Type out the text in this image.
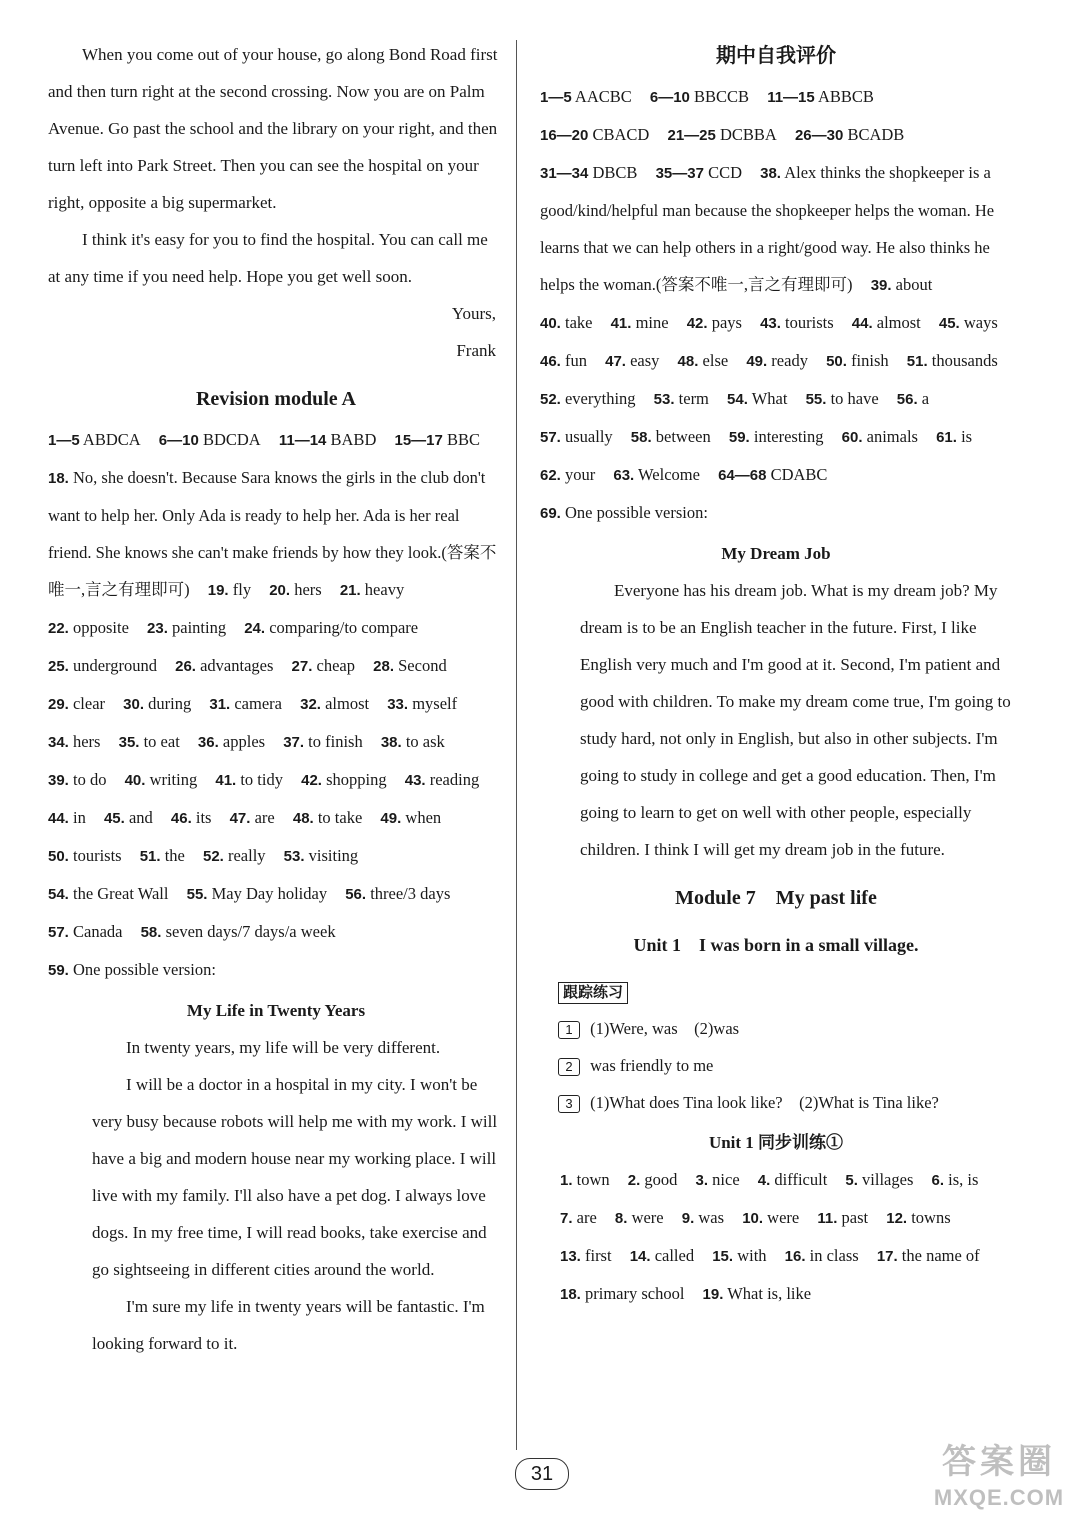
When you come out of your house, go along Bond Road first and then turn right at the second crossing. Now you are on Palm Avenue. Go past the school and the library on your right, and then turn left into Park Street. Then you can see the hospital on your right, opposite a big supermarket.

I think it's easy for you to find the hospital. You can call me at any time if you need help. Hope you get well soon.

Yours,

Frank

Revision module A

1—5 ABDCA 6—10 BDCDA 11—14 BABD 15—17 BBC 18. No, she doesn't. Because Sara knows the girls in the club don't want to help her. Only Ada is ready to help her. Ada is her real friend. She knows she can't make friends by how they look.(答案不唯一,言之有理即可) 19. fly 20. hers 21. heavy 22. opposite 23. painting 24. comparing/to compare 25. underground 26. advantages 27. cheap 28. Second 29. clear 30. during 31. camera 32. almost 33. myself 34. hers 35. to eat 36. apples 37. to finish 38. to ask 39. to do 40. writing 41. to tidy 42. shopping 43. reading 44. in 45. and 46. its 47. are 48. to take 49. when 50. tourists 51. the 52. really 53. visiting 54. the Great Wall 55. May Day holiday 56. three/3 days 57. Canada 58. seven days/7 days/a week

59. One possible version:

My Life in Twenty Years

In twenty years, my life will be very different.

I will be a doctor in a hospital in my city. I won't be very busy because robots will help me with my work. I will have a big and modern house near my working place. I will live with my family. I'll also have a pet dog. I always love dogs. In my free time, I will read books, take exercise and go sightseeing in different cities around the world.

I'm sure my life in twenty years will be fantastic. I'm looking forward to it.

期中自我评价

1—5 AACBC 6—10 BBCCB 11—15 ABBCB 16—20 CBACD 21—25 DCBBA 26—30 BCADB 31—34 DBCB 35—37 CCD 38. Alex thinks the shopkeeper is a good/kind/helpful man because the shopkeeper helps the woman. He learns that we can help others in a right/good way. He also thinks he helps the woman.(答案不唯一,言之有理即可) 39. about 40. take 41. mine 42. pays 43. tourists 44. almost 45. ways 46. fun 47. easy 48. else 49. ready 50. finish 51. thousands 52. everything 53. term 54. What 55. to have 56. a 57. usually 58. between 59. interesting 60. animals 61. is 62. your 63. Welcome 64—68 CDABC

69. One possible version:

My Dream Job

Everyone has his dream job. What is my dream job? My dream is to be an English teacher in the future. First, I like English very much and I'm good at it. Second, I'm patient and good with children. To make my dream come true, I'm going to study hard, not only in English, but also in other subjects. I'm going to study in college and get a good education. Then, I'm going to learn to get on well with other people, especially children. I think I will get my dream job in the future.

Module 7　My past life
Unit 1　I was born in a small village.
跟踪练习

1 (1)Were, was　(2)was

2 was friendly to me

3 (1)What does Tina look like?　(2)What is Tina like?

Unit 1 同步训练①

1. town 2. good 3. nice 4. difficult 5. villages 6. is, is 7. are 8. were 9. was 10. were 11. past 12. towns 13. first 14. called 15. with 16. in class 17. the name of 18. primary school 19. What is, like

31	答案圈
MXQE.COM
